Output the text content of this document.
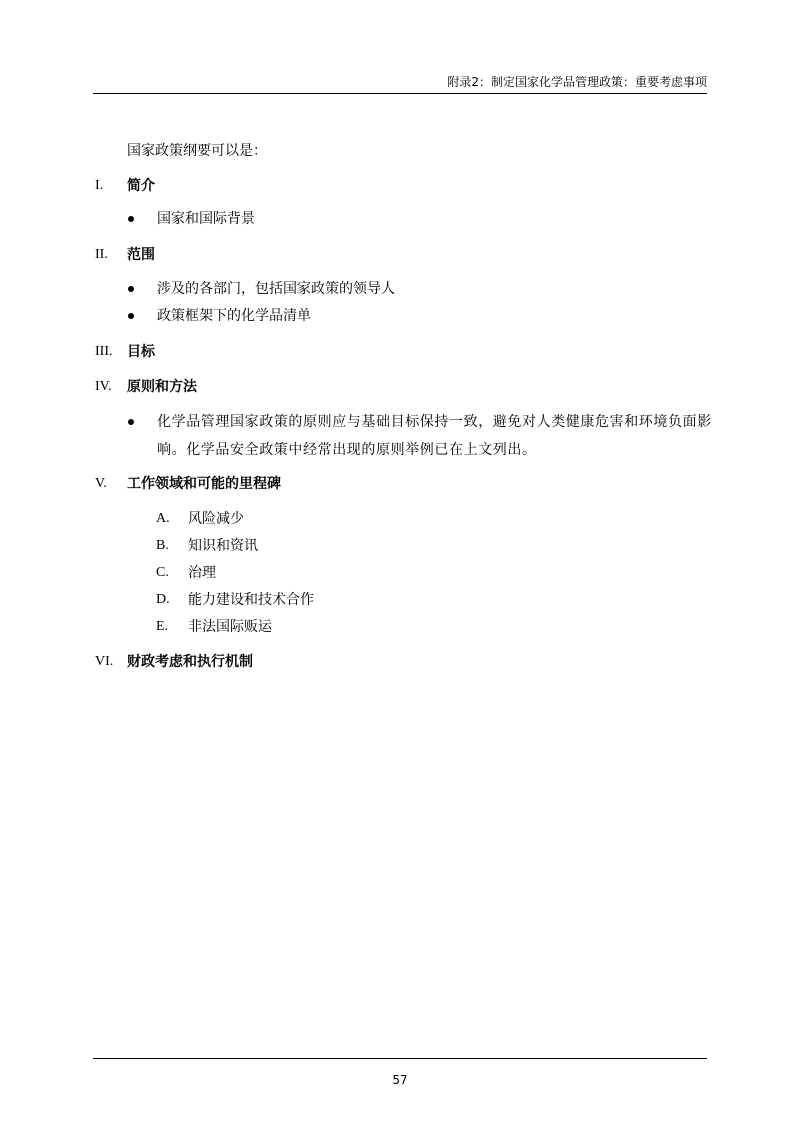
附录2：制定国家化学品管理政策：重要考虑事项
国家政策纲要可以是：
I. 简介
国家和国际背景
II. 范围
涉及的各部门，包括国家政策的领导人
政策框架下的化学品清单
III. 目标
IV. 原则和方法
化学品管理国家政策的原则应与基础目标保持一致，避免对人类健康危害和环境负面影响。化学品安全政策中经常出现的原则举例已在上文列出。
V. 工作领域和可能的里程碑
A. 风险减少
B. 知识和资讯
C. 治理
D. 能力建设和技术合作
E. 非法国际贩运
VI. 财政考虑和执行机制
57
